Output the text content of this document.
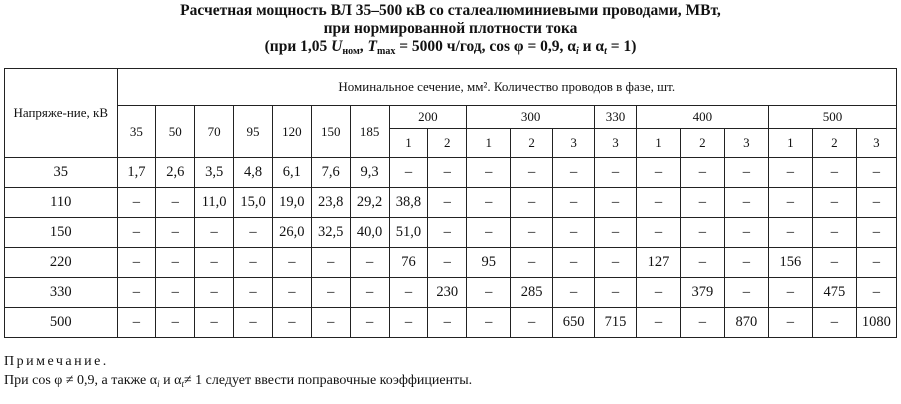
Расчетная мощность ВЛ 35–500 кВ со сталеалюминиевыми проводами, МВт,
при нормированной плотности тока
(при 1,05 $U_{ном}$, $T_{max} = 5000$ ч/год, cos φ = 0,9, $\alpha_i$ и $\alpha_t = 1$)
Напряже-ние, кВ	Номинальное сечение, мм². Количество проводов в фазе, шт.																		
	35	50	70	95	120	150	185	200		300			330	400			500		
								1	2	1	2	3	3	1	2	3	1	2	3
35	1,7	2,6	3,5	4,8	6,1	7,6	9,3	–	–	–	–	–	–	–	–	–	–	–	–
110	–	–	11,0	15,0	19,0	23,8	29,2	38,8	–	–	–	–	–	–	–	–	–	–	–
150	–	–	–	–	26,0	32,5	40,0	51,0	–	–	–	–	–	–	–	–	–	–	–
220	–	–	–	–	–	–	–	76	–	95	–	–	–	127	–	–	156	–	–
330	–	–	–	–	–	–	–	–	230	–	285	–	–	–	379	–	–	475	–
500	–	–	–	–	–	–	–	–	–	–	–	650	715	–	–	870	–	–	1080
Примечание.
При cos φ ≠ 0,9, а также $\alpha_i$ и $\alpha_t\ne 1$ следует ввести поправочные коэффициенты.
